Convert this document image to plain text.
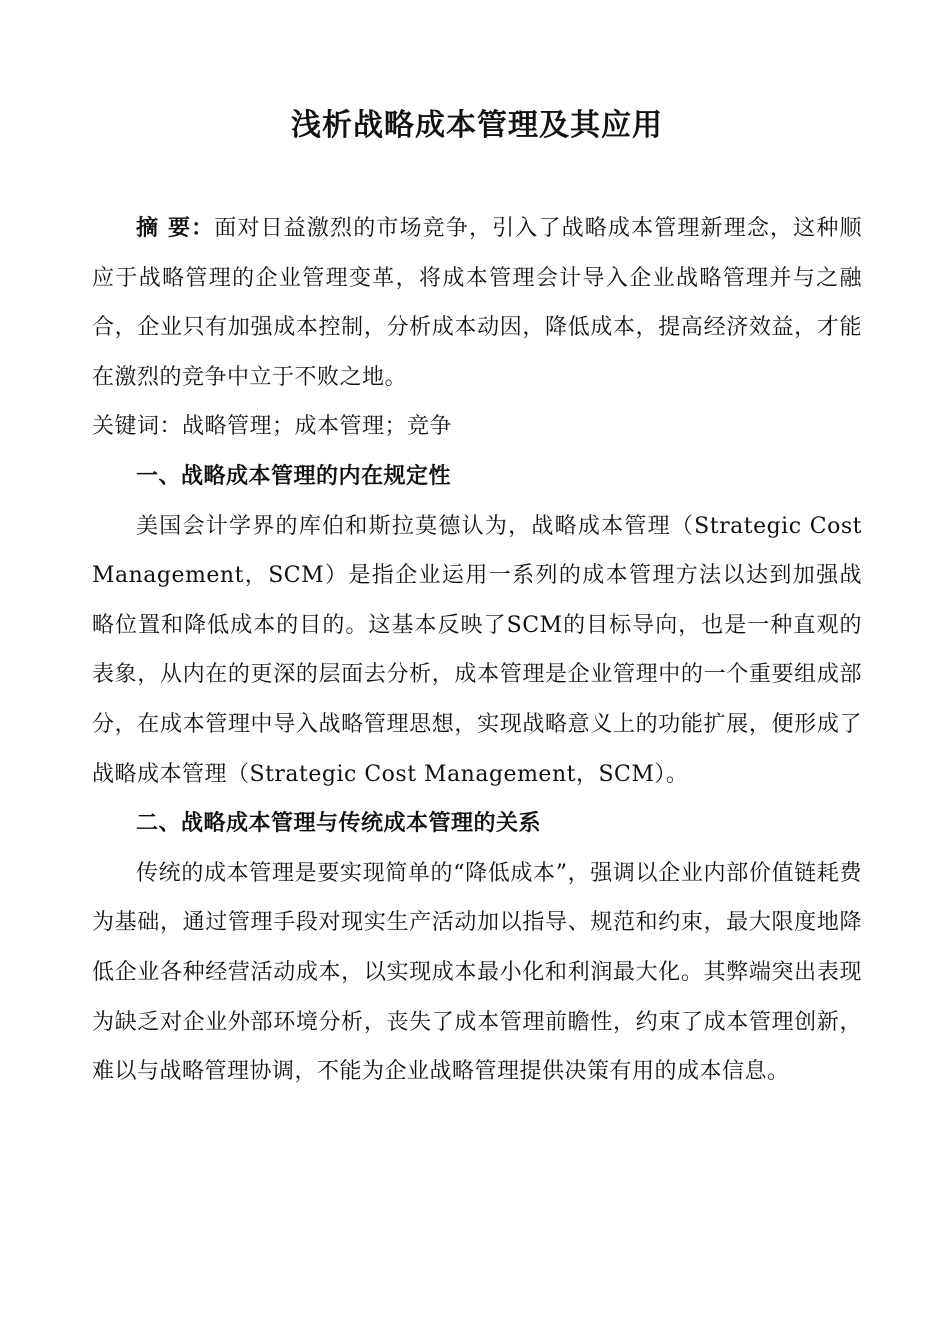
浅析战略成本管理及其应用

摘 要：面对日益激烈的市场竞争，引入了战略成本管理新理念，这种顺应于战略管理的企业管理变革，将成本管理会计导入企业战略管理并与之融合，企业只有加强成本控制，分析成本动因，降低成本，提高经济效益，才能在激烈的竞争中立于不败之地。

关键词：战略管理；成本管理；竞争

一、战略成本管理的内在规定性

美国会计学界的库伯和斯拉莫德认为，战略成本管理（Strategic Cost Management，SCM）是指企业运用一系列的成本管理方法以达到加强战略位置和降低成本的目的。这基本反映了SCM的目标导向，也是一种直观的表象，从内在的更深的层面去分析，成本管理是企业管理中的一个重要组成部分，在成本管理中导入战略管理思想，实现战略意义上的功能扩展，便形成了战略成本管理（Strategic Cost Management，SCM）。

二、战略成本管理与传统成本管理的关系

传统的成本管理是要实现简单的“降低成本”，强调以企业内部价值链耗费为基础，通过管理手段对现实生产活动加以指导、规范和约束，最大限度地降低企业各种经营活动成本，以实现成本最小化和利润最大化。其弊端突出表现为缺乏对企业外部环境分析，丧失了成本管理前瞻性，约束了成本管理创新，难以与战略管理协调，不能为企业战略管理提供决策有用的成本信息。
